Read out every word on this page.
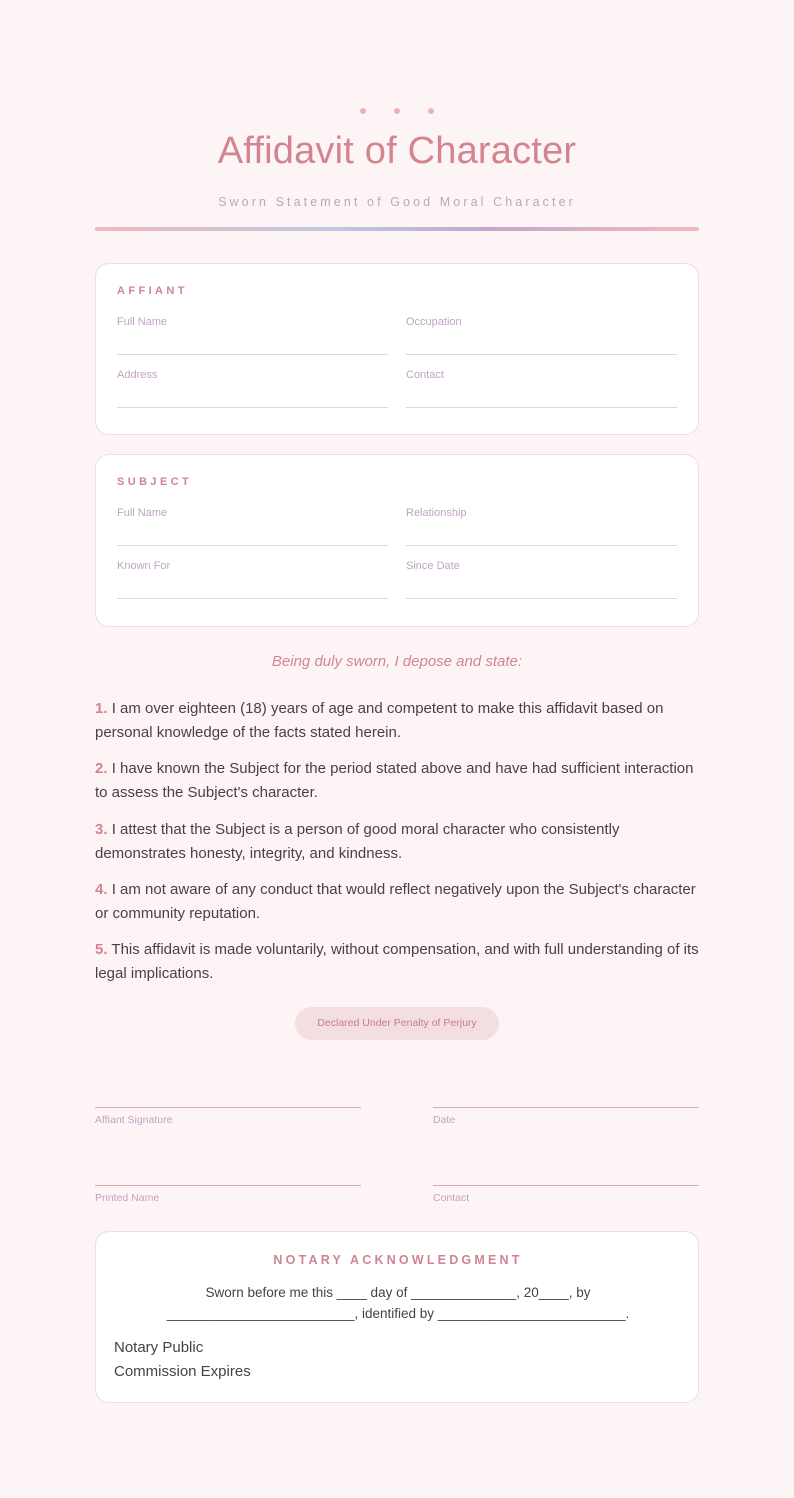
Affidavit of Character
Sworn Statement of Good Moral Character
AFFIANT
Full Name	Occupation
Address	Contact
SUBJECT
Full Name	Relationship
Known For	Since Date
Being duly sworn, I depose and state:
1. I am over eighteen (18) years of age and competent to make this affidavit based on personal knowledge of the facts stated herein.
2. I have known the Subject for the period stated above and have had sufficient interaction to assess the Subject's character.
3. I attest that the Subject is a person of good moral character who consistently demonstrates honesty, integrity, and kindness.
4. I am not aware of any conduct that would reflect negatively upon the Subject's character or community reputation.
5. This affidavit is made voluntarily, without compensation, and with full understanding of its legal implications.
Declared Under Penalty of Perjury
Affiant Signature	Date
Printed Name	Contact
NOTARY ACKNOWLEDGMENT
Sworn before me this ____ day of ______________, 20____, by
_________________________, identified by _________________________.
Notary Public
Commission Expires
